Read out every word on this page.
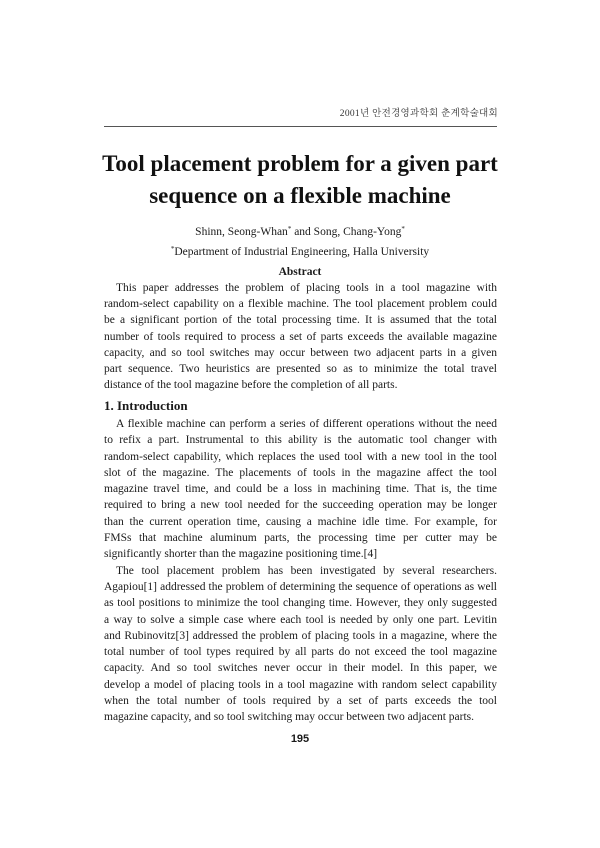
2001년 안전경영과학회 춘계학술대회
Tool placement problem for a given part
sequence on a flexible machine
Shinn, Seong-Whan* and Song, Chang-Yong*
*Department of Industrial Engineering, Halla University
Abstract
This paper addresses the problem of placing tools in a tool magazine with
random-select capability on a flexible machine. The tool placement problem could
be a significant portion of the total processing time. It is assumed that the total
number of tools required to process a set of parts exceeds the available magazine
capacity, and so tool switches may occur between two adjacent parts in a given
part sequence. Two heuristics are presented so as to minimize the total travel
distance of the tool magazine before the completion of all parts.
1. Introduction
A flexible machine can perform a series of different operations without the need
to refix a part. Instrumental to this ability is the automatic tool changer with
random-select capability, which replaces the used tool with a new tool in the tool
slot of the magazine. The placements of tools in the magazine affect the tool
magazine travel time, and could be a loss in machining time. That is, the time
required to bring a new tool needed for the succeeding operation may be longer
than the current operation time, causing a machine idle time. For example, for
FMSs that machine aluminum parts, the processing time per cutter may be
significantly shorter than the magazine positioning time.[4]
The tool placement problem has been investigated by several researchers.
Agapiou[1] addressed the problem of determining the sequence of operations as well
as tool positions to minimize the tool changing time. However, they only suggested
a way to solve a simple case where each tool is needed by only one part. Levitin
and Rubinovitz[3] addressed the problem of placing tools in a magazine, where the
total number of tool types required by all parts do not exceed the tool magazine
capacity. And so tool switches never occur in their model. In this paper, we
develop a model of placing tools in a tool magazine with random select capability
when the total number of tools required by a set of parts exceeds the tool
magazine capacity, and so tool switching may occur between two adjacent parts.
195
